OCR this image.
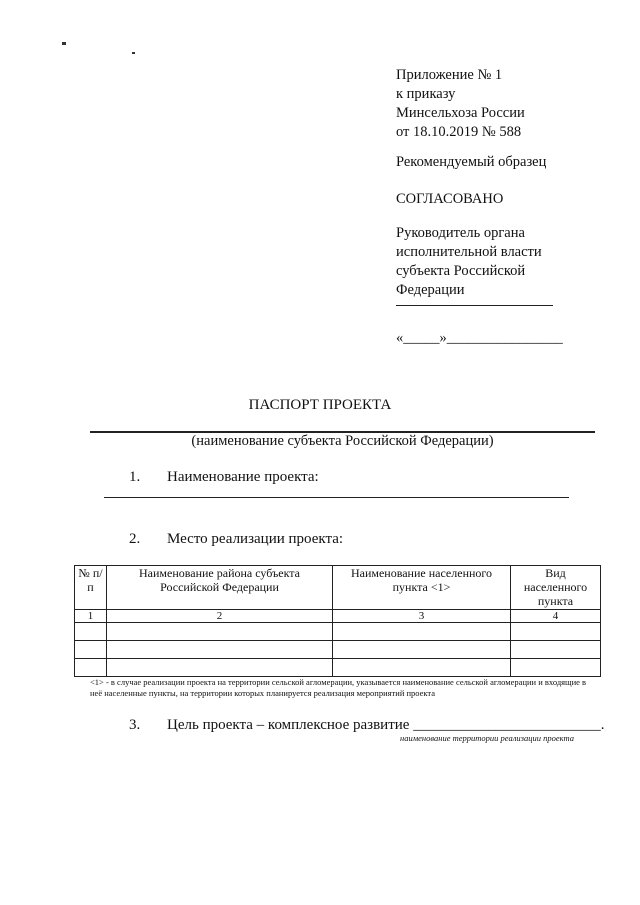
Приложение № 1
к приказу
Минсельхоза России
от 18.10.2019 № 588
Рекомендуемый образец
СОГЛАСОВАНО
Руководитель органа
исполнительной власти
субъекта Российской
Федерации
«_____»________________
ПАСПОРТ ПРОЕКТА
(наименование субъекта Российской Федерации)
1. Наименование проекта:
2. Место реализации проекта:
№ п/п	Наименование района субъекта Российской Федерации	Наименование населенного пункта <1>	Вид населенного пункта
1	2	3	4

<1> - в случае реализации проекта на территории сельской агломерации, указывается наименование сельской агломерации и входящие в неё населенные пункты, на территории которых планируется реализация мероприятий проекта
3. Цель проекта – комплексное развитие _________________________.
наименование территории реализации проекта
